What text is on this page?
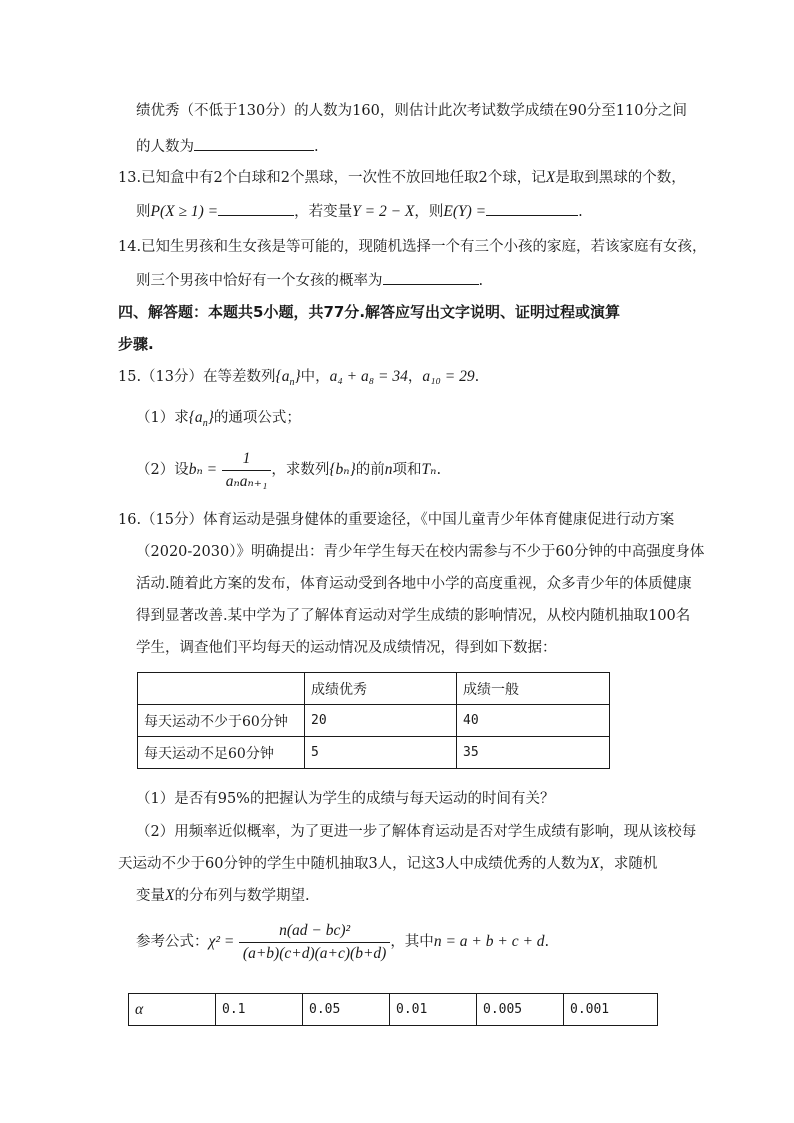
绩优秀（不低于130分）的人数为160，则估计此次考试数学成绩在90分至110分之间
的人数为	.
13.已知盒中有2个白球和2个黑球，一次性不放回地任取2个球，记X是取到黑球的个数，
则P(X ≥ 1) =	，若变量Y = 2 − X，则E(Y) =	.
14.已知生男孩和生女孩是等可能的，现随机选择一个有三个小孩的家庭，若该家庭有女孩，
则三个男孩中恰好有一个女孩的概率为	.
四、解答题：本题共5小题，共77分.解答应写出文字说明、证明过程或演算
步骤.
15.（13分）在等差数列$\{a_n\}$中，a₄ + a₈ = 34，a₁₀ = 29.
（1）求$\{a_n\}$的通项公式；
（2）设$b_n = \frac{1}{\text{aₙaₙ₊₁}}$ ，求数列{bₙ}的前n项和Tₙ.
16.（15分）体育运动是强身健体的重要途径，《中国儿童青少年体育健康促进行动方案
（2020-2030）》明确提出：青少年学生每天在校内需参与不少于60分钟的中高强度身体
活动.随着此方案的发布，体育运动受到各地中小学的高度重视，众多青少年的体质健康
得到显著改善.某中学为了了解体育运动对学生成绩的影响情况，从校内随机抽取100名
学生，调查他们平均每天的运动情况及成绩情况，得到如下数据：
	成绩优秀	成绩一般
每天运动不少于60分钟	20	40
每天运动不足60分钟	5	35
（1）是否有95%的把握认为学生的成绩与每天运动的时间有关？
（2）用频率近似概率，为了更进一步了解体育运动是否对学生成绩有影响，现从该校每
天运动不少于60分钟的学生中随机抽取3人，记这3人中成绩优秀的人数为X，求随机
变量X的分布列与数学期望.
参考公式：$\chi^2 = \frac{\text{n(ad − bc)²}}{(a+b)(c+d)(a+c)(b+d)}$ ，其中n = a + b + c + d.
α	0.1	0.05	0.01	0.005	0.001
